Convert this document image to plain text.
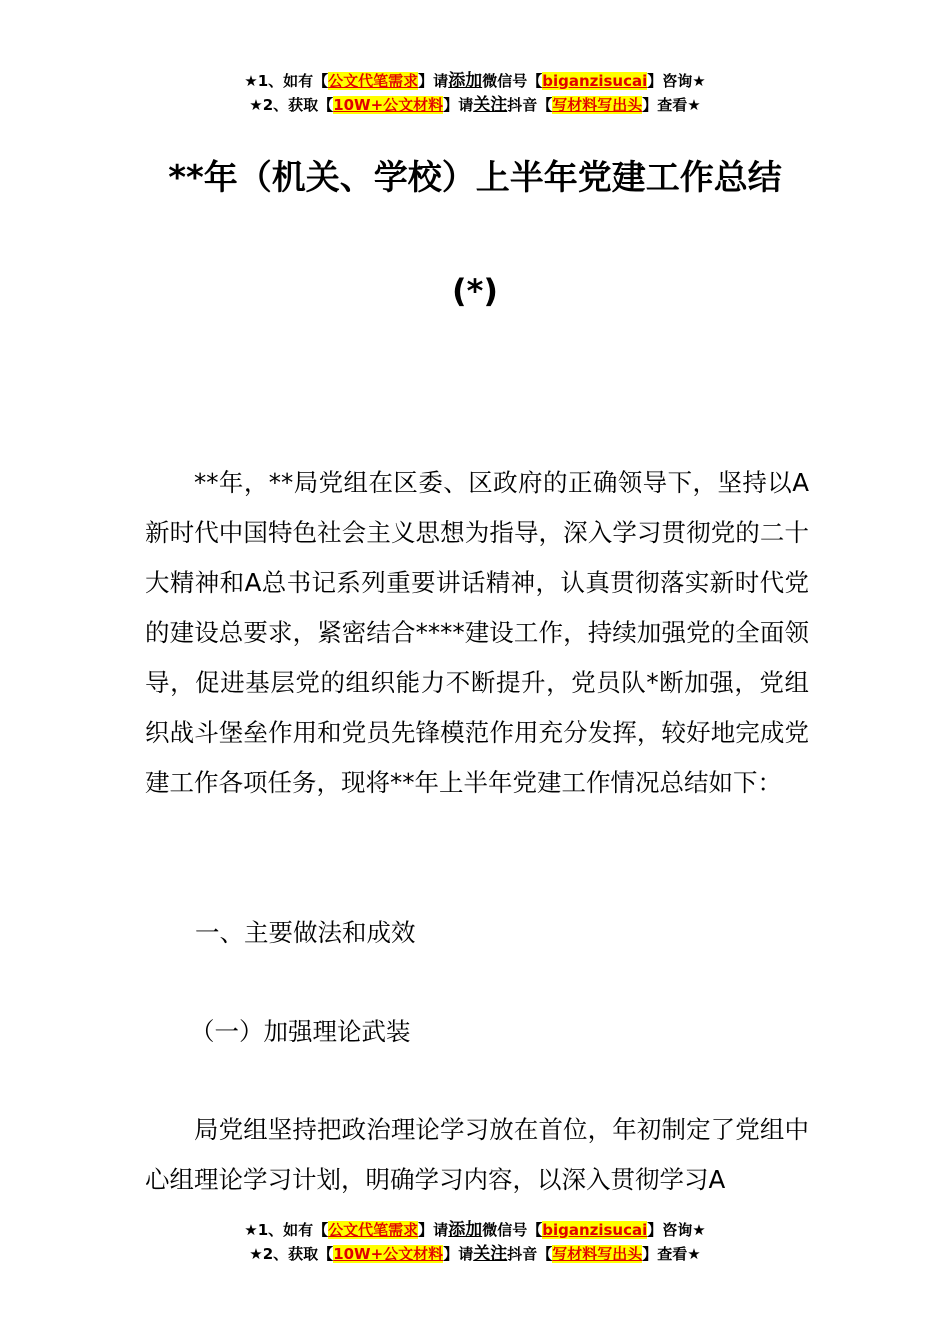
★1、如有【公文代笔需求】请添加微信号【biganzisucai】咨询★
★2、获取【10W+公文材料】请关注抖音【写材料写出头】查看★
**年（机关、学校）上半年党建工作总结
(*)

**年，**局党组在区委、区政府的正确领导下，坚持以A新时代中国特色社会主义思想为指导，深入学习贯彻党的二十大精神和A总书记系列重要讲话精神，认真贯彻落实新时代党的建设总要求，紧密结合****建设工作，持续加强党的全面领导，促进基层党的组织能力不断提升，党员队*断加强，党组织战斗堡垒作用和党员先锋模范作用充分发挥，较好地完成党建工作各项任务，现将**年上半年党建工作情况总结如下：

一、主要做法和成效
（一）加强理论武装

局党组坚持把政治理论学习放在首位，年初制定了党组中心组理论学习计划，明确学习内容，以深入贯彻学习A

★1、如有【公文代笔需求】请添加微信号【biganzisucai】咨询★
★2、获取【10W+公文材料】请关注抖音【写材料写出头】查看★
